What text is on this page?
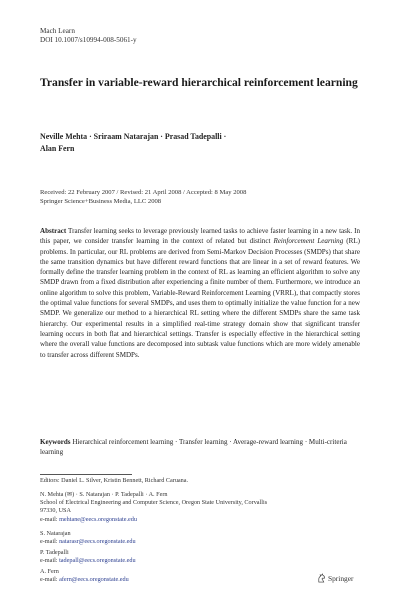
Mach Learn
DOI 10.1007/s10994-008-5061-y
Transfer in variable-reward hierarchical reinforcement learning
Neville Mehta · Sriraam Natarajan · Prasad Tadepalli ·
Alan Fern
Received: 22 February 2007 / Revised: 21 April 2008 / Accepted: 8 May 2008
Springer Science+Business Media, LLC 2008
Abstract Transfer learning seeks to leverage previously learned tasks to achieve faster learning in a new task. In this paper, we consider transfer learning in the context of related but distinct Reinforcement Learning (RL) problems. In particular, our RL problems are derived from Semi-Markov Decision Processes (SMDPs) that share the same transition dynamics but have different reward functions that are linear in a set of reward features. We formally define the transfer learning problem in the context of RL as learning an efficient algorithm to solve any SMDP drawn from a fixed distribution after experiencing a finite number of them. Furthermore, we introduce an online algorithm to solve this problem, Variable-Reward Reinforcement Learning (VRRL), that compactly stores the optimal value functions for several SMDPs, and uses them to optimally initialize the value function for a new SMDP. We generalize our method to a hierarchical RL setting where the different SMDPs share the same task hierarchy. Our experimental results in a simplified real-time strategy domain show that significant transfer learning occurs in both flat and hierarchical settings. Transfer is especially effective in the hierarchical setting where the overall value functions are decomposed into subtask value functions which are more widely amenable to transfer across different SMDPs.
Keywords Hierarchical reinforcement learning · Transfer learning · Average-reward learning · Multi-criteria learning
Editors: Daniel L. Silver, Kristin Bennett, Richard Caruana.
N. Mehta (✉) · S. Natarajan · P. Tadepalli · A. Fern
School of Electrical Engineering and Computer Science, Oregon State University, Corvallis
97330, USA
e-mail: mehtane@eecs.oregonstate.edu
S. Natarajan
e-mail: natarasr@eecs.oregonstate.edu
P. Tadepalli
e-mail: tadepall@eecs.oregonstate.edu
A. Fern
e-mail: afern@eecs.oregonstate.edu	Springer
